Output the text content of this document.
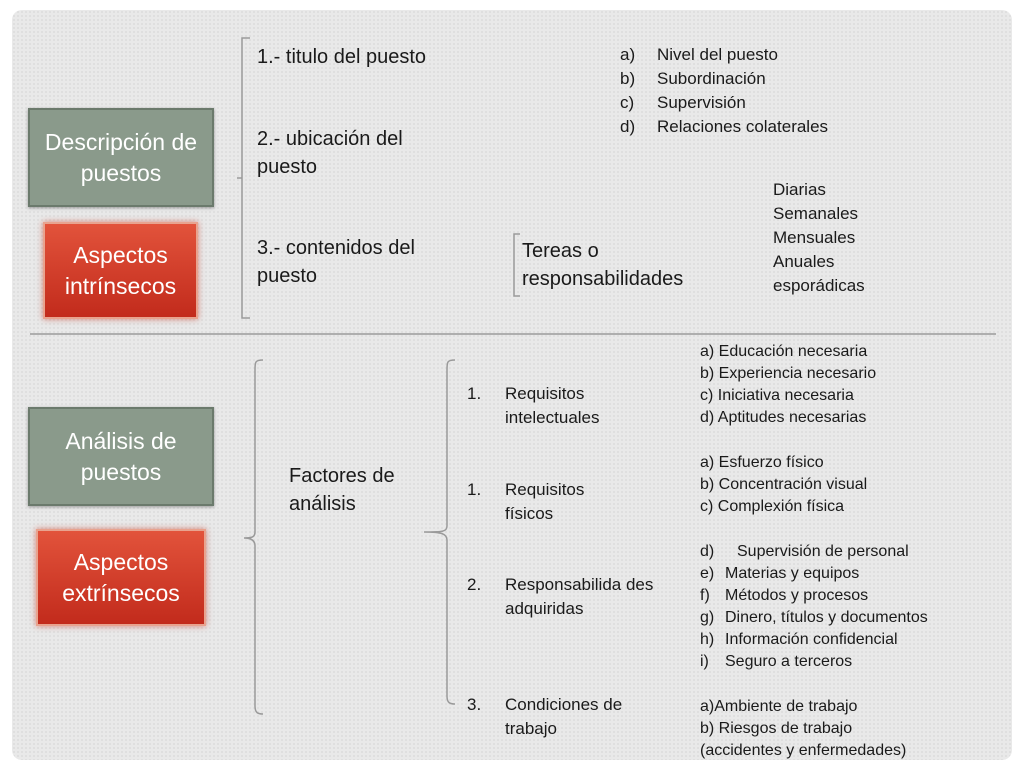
Descripción de puestos
Aspectos intrínsecos
Análisis de puestos
Aspectos extrínsecos
1.- titulo del puesto
2.- ubicación del puesto
3.- contenidos del puesto
a)	Nivel del puesto
b)	Subordinación
c)	Supervisión
d)	Relaciones colaterales
Tereas o responsabilidades
Diarias
Semanales
Mensuales
Anuales
esporádicas
Factores de análisis
1.	Requisitos intelectuales
1.	Requisitos físicos
2.	Responsabilida des adquiridas
3.	Condiciones de trabajo
a) Educación necesaria
b) Experiencia necesario
c) Iniciativa necesaria
d) Aptitudes necesarias
a) Esfuerzo físico
b) Concentración visual
c) Complexión física
d)	Supervisión de personal
e) Materias y equipos
f) Métodos y procesos
g) Dinero, títulos y documentos
h) Información confidencial
i)	Seguro a terceros
a)Ambiente de trabajo
b) Riesgos de trabajo
(accidentes y enfermedades)
